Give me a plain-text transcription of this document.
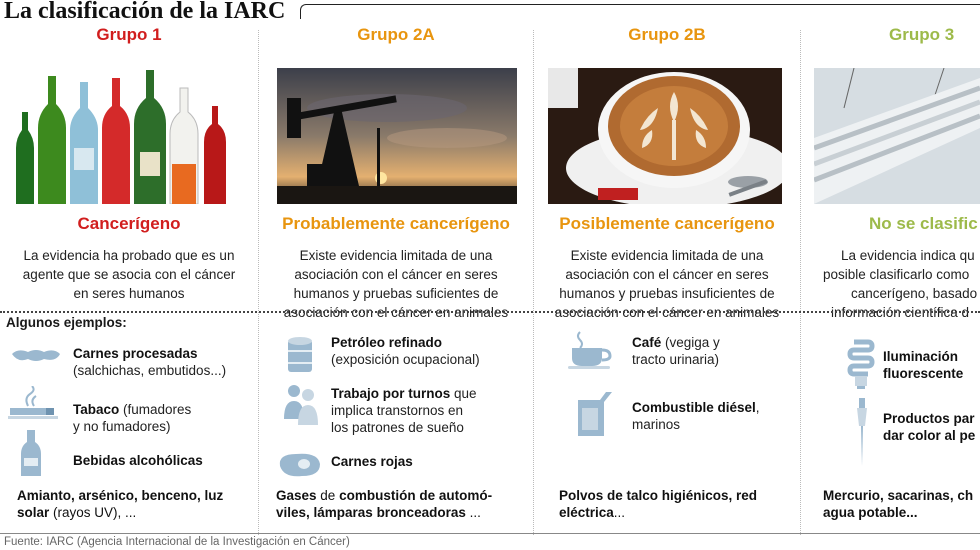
La clasificación de la IARC
Grupo 1
Cancerígeno
La evidencia ha probado que es un
agente que se asocia con el cáncer
en seres humanos
Grupo 2A
Probablemente cancerígeno
Existe evidencia limitada de una
asociación con el cáncer en seres
humanos y pruebas suficientes de
asociación con el cáncer en animales
Grupo 2B
Posiblemente cancerígeno
Existe evidencia limitada de una
asociación con el cáncer en seres
humanos y pruebas insuficientes de
asociación con el cáncer en animales
Grupo 3
No se clasific
La evidencia indica qu
posible clasificarlo como
cancerígeno, basado
información científica d
Algunos ejemplos:
Carnes procesadas
(salchichas, embutidos...)
Tabaco (fumadores
y no fumadores)
Bebidas alcohólicas
Amianto, arsénico, benceno, luz
solar (rayos UV), ...
Petróleo refinado
(exposición ocupacional)
Trabajo por turnos que
implica transtornos en
los patrones de sueño
Carnes rojas
Gases de combustión de automó-
viles, lámparas bronceadoras ...
Café (vegiga y
tracto urinaria)
Combustible diésel,
marinos
Polvos de talco higiénicos, red
eléctrica...
Iluminación
fluorescente
Productos par
dar color al pe
Mercurio, sacarinas, ch
agua potable...
Fuente: IARC (Agencia Internacional de la Investigación en Cáncer)
